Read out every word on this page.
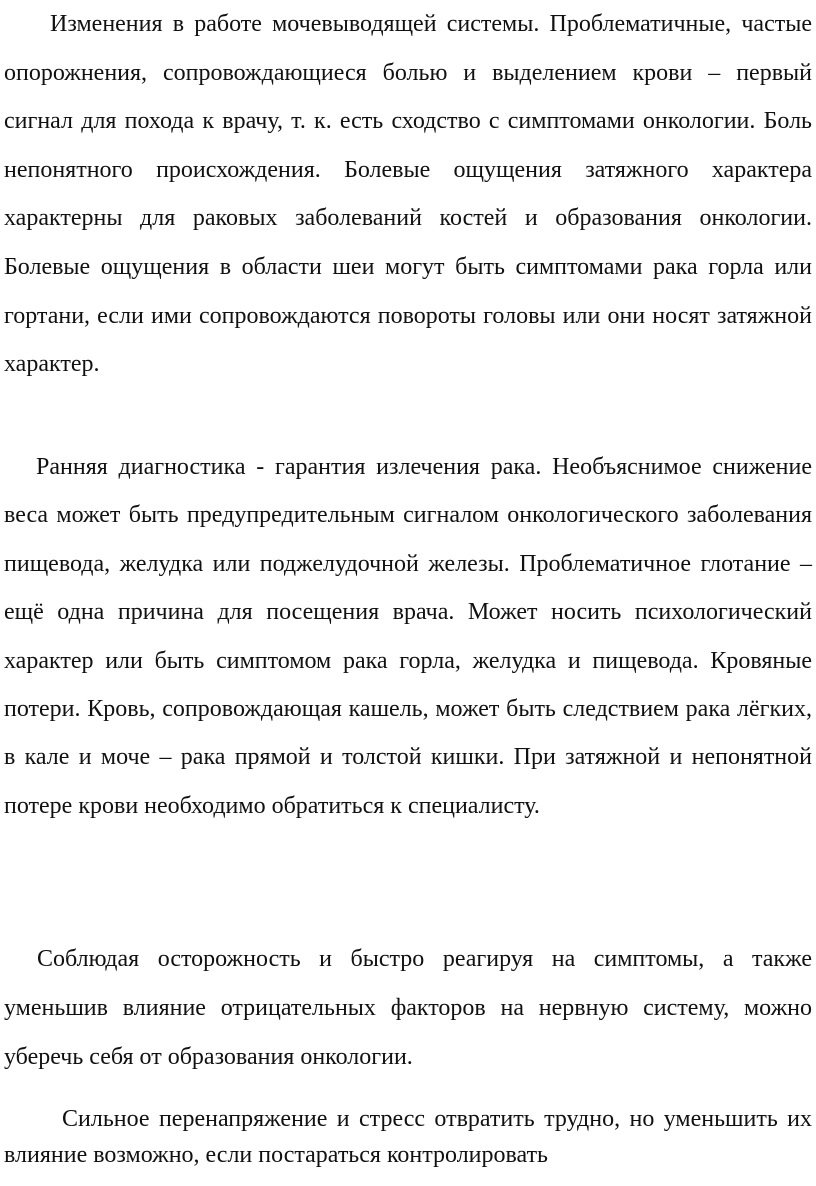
Изменения в работе мочевыводящей системы. Проблематичные, частые опорожнения, сопровождающиеся болью и выделением крови – первый сигнал для похода к врачу, т. к. есть сходство с симптомами онкологии. Боль непонятного происхождения. Болевые ощущения затяжного характера характерны для раковых заболеваний костей и образования онкологии. Болевые ощущения в области шеи могут быть симптомами рака горла или гортани, если ими сопровождаются повороты головы или они носят затяжной характер.

Ранняя диагностика - гарантия излечения рака. Необъяснимое снижение веса может быть предупредительным сигналом онкологического заболевания пищевода, желудка или поджелудочной железы. Проблематичное глотание – ещё одна причина для посещения врача. Может носить психологический характер или быть симптомом рака горла, желудка и пищевода. Кровяные потери. Кровь, сопровождающая кашель, может быть следствием рака лёгких, в кале и моче – рака прямой и толстой кишки. При затяжной и непонятной потере крови необходимо обратиться к специалисту.

Соблюдая осторожность и быстро реагируя на симптомы, а также уменьшив влияние отрицательных факторов на нервную систему, можно уберечь себя от образования онкологии.

Сильное перенапряжение и стресс отвратить трудно, но уменьшить их влияние возможно, если постараться контролировать
